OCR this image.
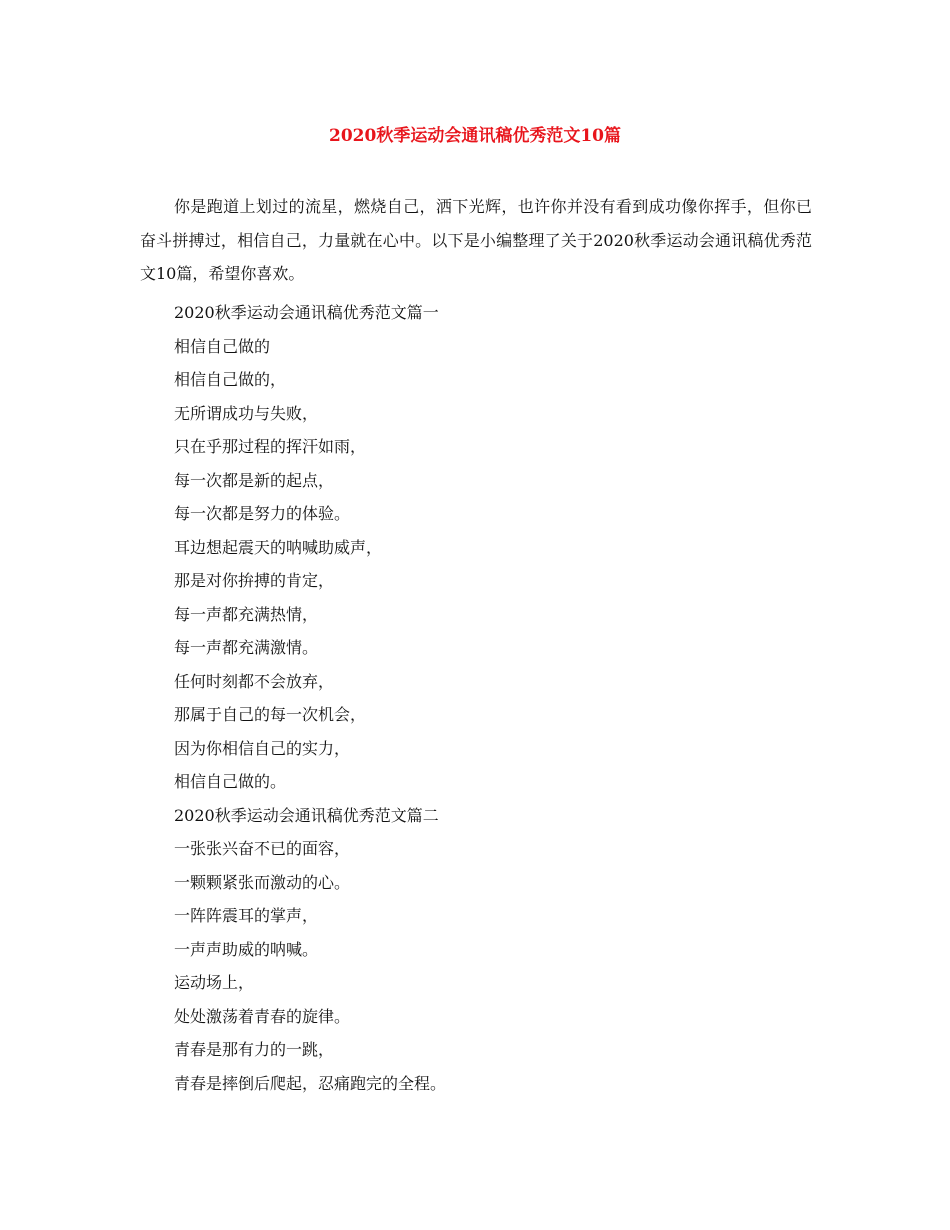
2020秋季运动会通讯稿优秀范文10篇

你是跑道上划过的流星，燃烧自己，洒下光辉，也许你并没有看到成功像你挥手，但你已奋斗拼搏过，相信自己，力量就在心中。以下是小编整理了关于2020秋季运动会通讯稿优秀范文10篇，希望你喜欢。

2020秋季运动会通讯稿优秀范文篇一
相信自己做的
相信自己做的，
无所谓成功与失败，
只在乎那过程的挥汗如雨，
每一次都是新的起点，
每一次都是努力的体验。
耳边想起震天的呐喊助威声，
那是对你拚搏的肯定，
每一声都充满热情，
每一声都充满激情。
任何时刻都不会放弃，
那属于自己的每一次机会，
因为你相信自己的实力，
相信自己做的。
2020秋季运动会通讯稿优秀范文篇二
一张张兴奋不已的面容，
一颗颗紧张而激动的心。
一阵阵震耳的掌声，
一声声助威的呐喊。
运动场上，
处处激荡着青春的旋律。
青春是那有力的一跳，
青春是摔倒后爬起，忍痛跑完的全程。
